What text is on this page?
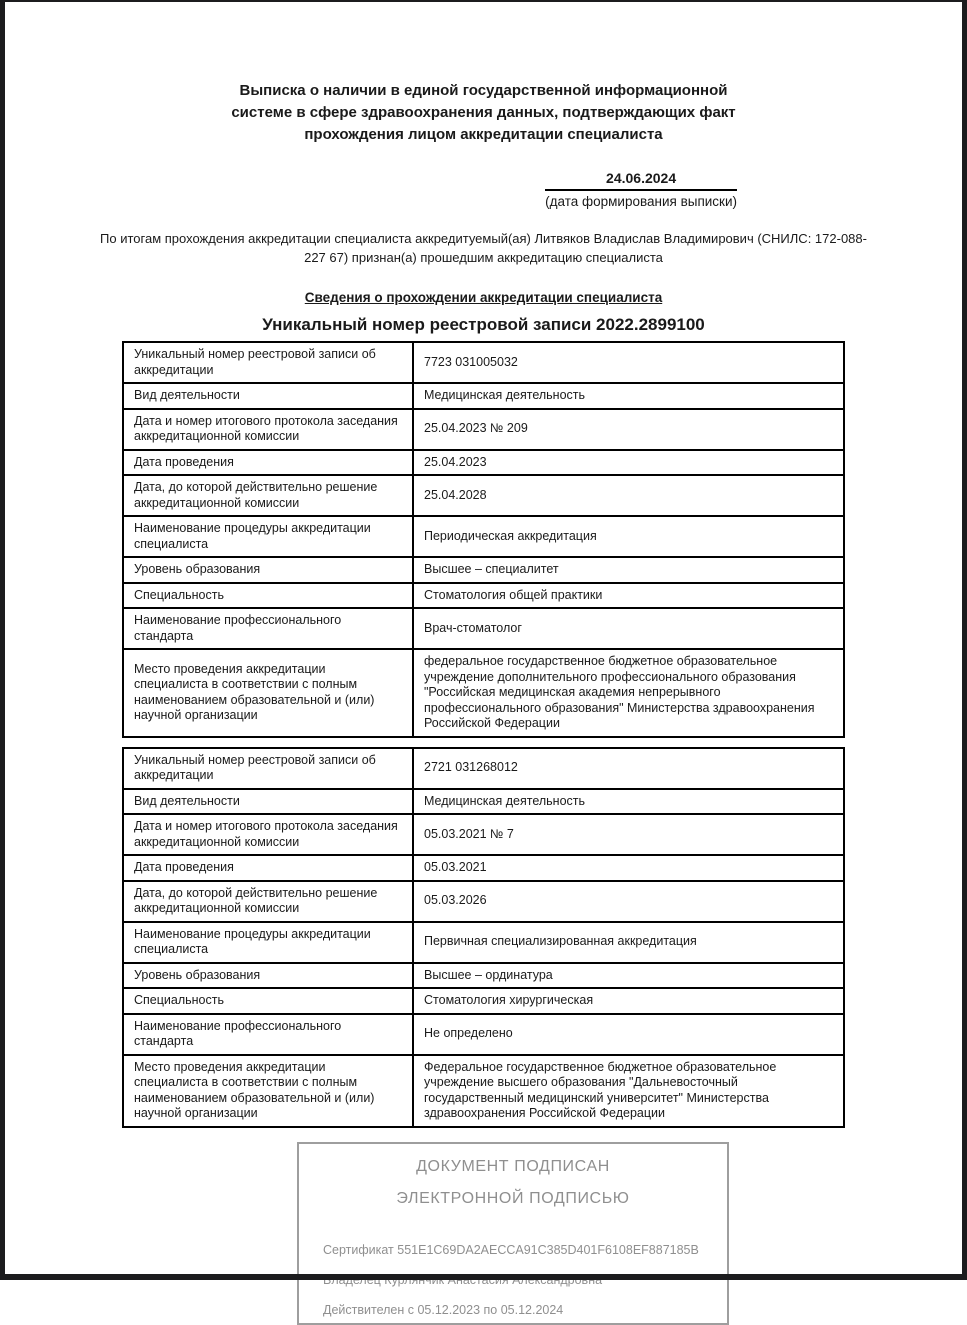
Выписка о наличии в единой государственной информационной
системе в сфере здравоохранения данных, подтверждающих факт
прохождения лицом аккредитации специалиста
24.06.2024
(дата формирования выписки)
По итогам прохождения аккредитации специалиста аккредитуемый(ая) Литвяков Владислав Владимирович (СНИЛС: 172-088-
227 67) признан(а) прошедшим аккредитацию специалиста
Сведения о прохождении аккредитации специалиста
Уникальный номер реестровой записи 2022.2899100
Уникальный номер реестровой записи об аккредитации	7723 031005032
Вид деятельности	Медицинская деятельность
Дата и номер итогового протокола заседания аккредитационной комиссии	25.04.2023 № 209
Дата проведения	25.04.2023
Дата, до которой действительно решение аккредитационной комиссии	25.04.2028
Наименование процедуры аккредитации специалиста	Периодическая аккредитация
Уровень образования	Высшее – специалитет
Специальность	Стоматология общей практики
Наименование профессионального стандарта	Врач-стоматолог
Место проведения аккредитации специалиста в соответствии с полным наименованием образовательной и (или) научной организации	федеральное государственное бюджетное образовательное учреждение дополнительного профессионального образования "Российская медицинская академия непрерывного профессионального образования" Министерства здравоохранения Российской Федерации
Уникальный номер реестровой записи об аккредитации	2721 031268012
Вид деятельности	Медицинская деятельность
Дата и номер итогового протокола заседания аккредитационной комиссии	05.03.2021 № 7
Дата проведения	05.03.2021
Дата, до которой действительно решение аккредитационной комиссии	05.03.2026
Наименование процедуры аккредитации специалиста	Первичная специализированная аккредитация
Уровень образования	Высшее – ординатура
Специальность	Стоматология хирургическая
Наименование профессионального стандарта	Не определено
Место проведения аккредитации специалиста в соответствии с полным наименованием образовательной и (или) научной организации	Федеральное государственное бюджетное образовательное учреждение высшего образования "Дальневосточный государственный медицинский университет" Министерства здравоохранения Российской Федерации
ДОКУМЕНТ ПОДПИСАН
ЭЛЕКТРОННОЙ ПОДПИСЬЮ
Сертификат 551E1C69DA2AECCA91C385D401F6108EF887185B
Владелец Курлянчик Анастасия Александровна
Действителен с 05.12.2023 по 05.12.2024
